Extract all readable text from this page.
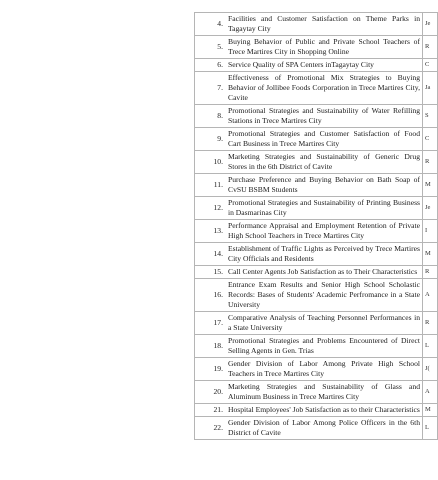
4.	Facilities and Customer Satisfaction on Theme Parks in Tagaytay City	Je
5.	Buying Behavior of Public and Private School Teachers of Trece Martires City in Shopping Online	R
6.	Service Quality of SPA Centers inTagaytay City	C
7.	Effectiveness of Promotional Mix Strategies to Buying Behavior of Jollibee Foods Corporation in Trece Martires City, Cavite	Ja
8.	Promotional Strategies and Sustainability of Water Refilling Stations in Trece Martires City	S
9.	Promotional Strategies and Customer Satisfaction of Food Cart Business in Trece Martires City	C
10.	Marketing Strategies and Sustainability of Generic Drug Stores in the 6th District of Cavite	R
11.	Purchase Preference and Buying Behavior on Bath Soap of CvSU BSBM Students	M
12.	Promotional Strategies and Sustainability of Printing Business in Dasmarinas City	Je
13.	Performance Appraisal and Employment Retention of Private High School Teachers in Trece Martires City	I
14.	Establishment of Traffic Lights as Perceived by Trece Martires City Officials and Residents	M
15.	Call Center Agents Job Satisfaction as to Their Characteristics	R
16.	Entrance Exam Results and Senior High School Scholastic Records: Bases of Students' Academic Perfromance in a State University	A
17.	Comparative Analysis of Teaching Personnel Performances in a State University	R
18.	Promotional Strategies and Problems Encountered of Direct Selling Agents in Gen. Trias	L
19.	Gender Division of Labor Among Private High School Teachers in Trece Martires City	J(
20.	Marketing Strategies and Sustainability of Glass and Aluminum Business in Trece Martires City	A
21.	Hospital Employees' Job Satisfaction as to their Characteristics	M
22.	Gender Division of Labor Among Police Officers in the 6th District of Cavite	L
